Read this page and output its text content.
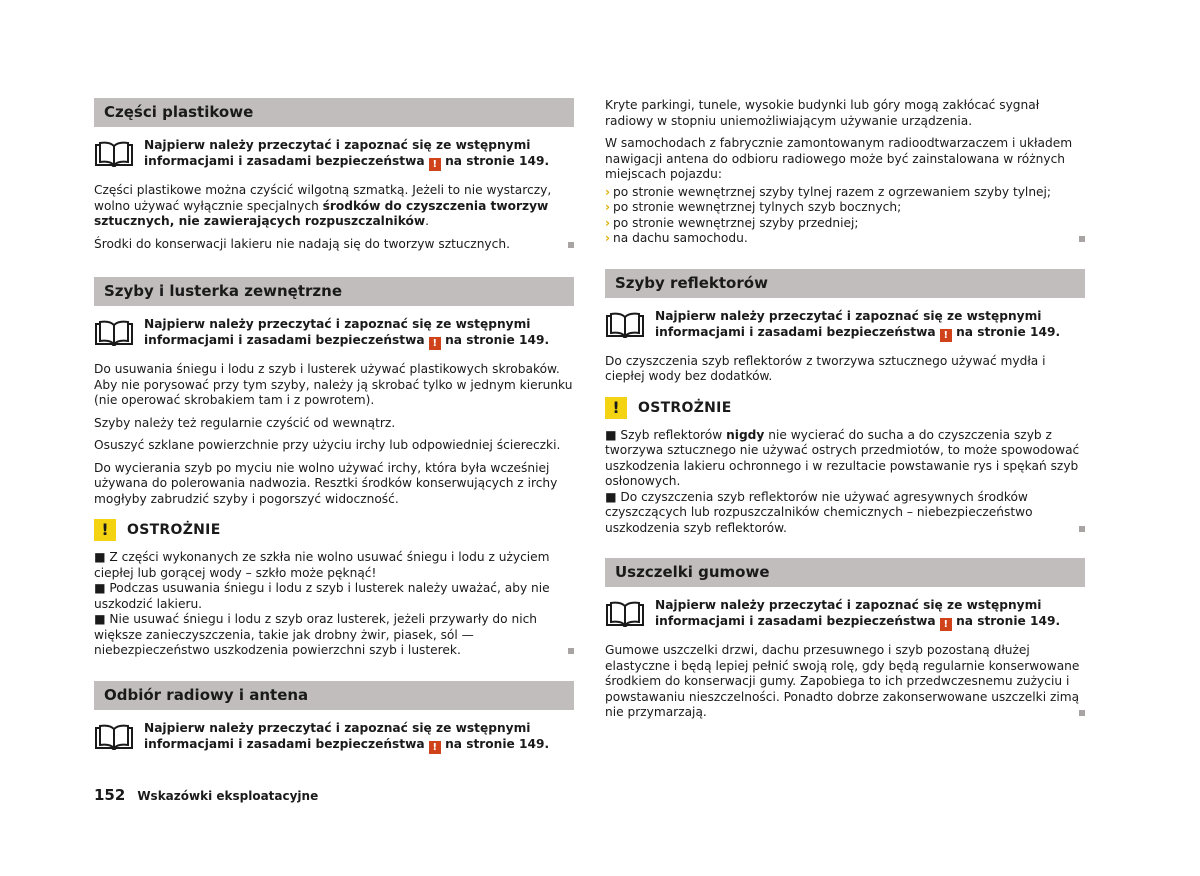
Części plastikowe
Najpierw należy przeczytać i zapoznać się ze wstępnymi informacjami i zasadami bezpieczeństwa ! na stronie 149.

Części plastikowe można czyścić wilgotną szmatką. Jeżeli to nie wystarczy, wolno używać wyłącznie specjalnych środków do czyszczenia tworzyw sztucznych, nie zawierających rozpuszczalników.

Środki do konserwacji lakieru nie nadają się do tworzyw sztucznych.

Szyby i lusterka zewnętrzne
Najpierw należy przeczytać i zapoznać się ze wstępnymi informacjami i zasadami bezpieczeństwa ! na stronie 149.

Do usuwania śniegu i lodu z szyb i lusterek używać plastikowych skrobaków. Aby nie porysować przy tym szyby, należy ją skrobać tylko w jednym kierunku (nie operować skrobakiem tam i z powrotem).

Szyby należy też regularnie czyścić od wewnątrz.

Osuszyć szklane powierzchnie przy użyciu irchy lub odpowiedniej ściereczki.

Do wycierania szyb po myciu nie wolno używać irchy, która była wcześniej używana do polerowania nadwozia. Resztki środków konserwujących z irchy mogłyby zabrudzić szyby i pogorszyć widoczność.

!	OSTROŻNIE

■ Z części wykonanych ze szkła nie wolno usuwać śniegu i lodu z użyciem ciepłej lub gorącej wody – szkło może pęknąć!

■ Podczas usuwania śniegu i lodu z szyb i lusterek należy uważać, aby nie uszkodzić lakieru.

■ Nie usuwać śniegu i lodu z szyb oraz lusterek, jeżeli przywarły do nich większe zanieczyszczenia, takie jak drobny żwir, piasek, sól — niebezpieczeństwo uszkodzenia powierzchni szyb i lusterek.

Odbiór radiowy i antena
Najpierw należy przeczytać i zapoznać się ze wstępnymi informacjami i zasadami bezpieczeństwa ! na stronie 149.

Kryte parkingi, tunele, wysokie budynki lub góry mogą zakłócać sygnał radiowy w stopniu uniemożliwiającym używanie urządzenia.

W samochodach z fabrycznie zamontowanym radioodtwarzaczem i układem nawigacji antena do odbioru radiowego może być zainstalowana w różnych miejscach pojazdu:

› po stronie wewnętrznej szyby tylnej razem z ogrzewaniem szyby tylnej;
› po stronie wewnętrznej tylnych szyb bocznych;
› po stronie wewnętrznej szyby przedniej;
› na dachu samochodu.
Szyby reflektorów
Najpierw należy przeczytać i zapoznać się ze wstępnymi informacjami i zasadami bezpieczeństwa ! na stronie 149.

Do czyszczenia szyb reflektorów z tworzywa sztucznego używać mydła i ciepłej wody bez dodatków.

!	OSTROŻNIE

■ Szyb reflektorów nigdy nie wycierać do sucha a do czyszczenia szyb z tworzywa sztucznego nie używać ostrych przedmiotów, to może spowodować uszkodzenia lakieru ochronnego i w rezultacie powstawanie rys i spękań szyb osłonowych.

■ Do czyszczenia szyb reflektorów nie używać agresywnych środków czyszczących lub rozpuszczalników chemicznych – niebezpieczeństwo uszkodzenia szyb reflektorów.

Uszczelki gumowe
Najpierw należy przeczytać i zapoznać się ze wstępnymi informacjami i zasadami bezpieczeństwa ! na stronie 149.

Gumowe uszczelki drzwi, dachu przesuwnego i szyb pozostaną dłużej elastyczne i będą lepiej pełnić swoją rolę, gdy będą regularnie konserwowane środkiem do konserwacji gumy. Zapobiega to ich przedwczesnemu zużyciu i powstawaniu nieszczelności. Ponadto dobrze zakonserwowane uszczelki zimą nie przymarzają.

152 Wskazówki eksploatacyjne
